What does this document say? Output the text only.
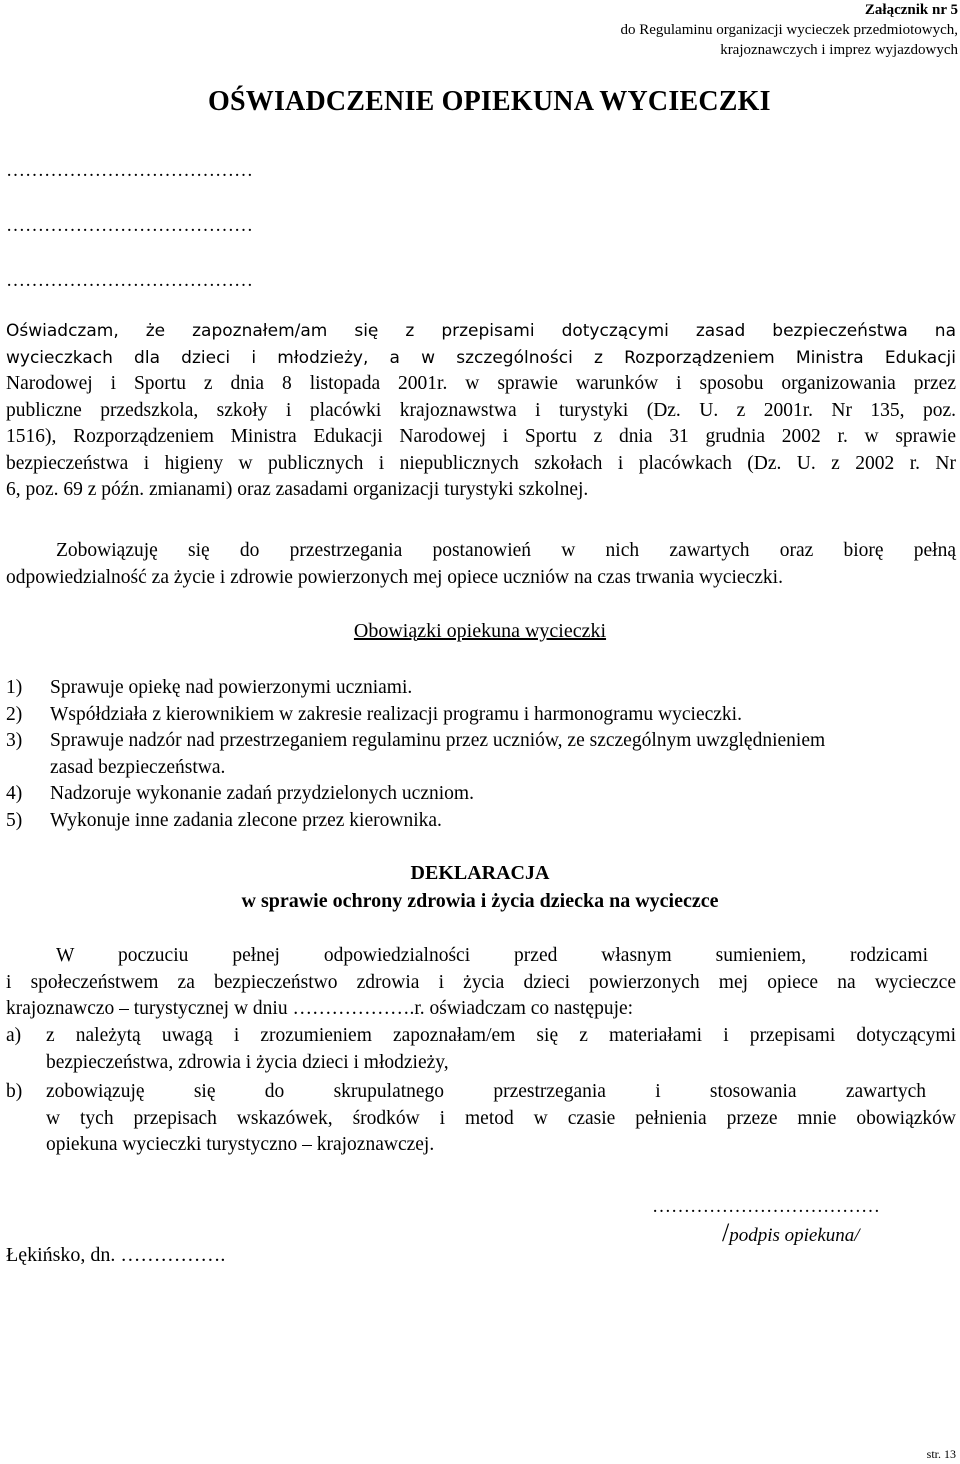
Załącznik nr 5
do Regulaminu organizacji wycieczek przedmiotowych,
krajoznawczych i imprez wyjazdowych
OŚWIADCZENIE OPIEKUNA WYCIECZKI
…………………………………
…………………………………
…………………………………
Oświadczam, że zapoznałem/am się z przepisami dotyczącymi zasad bezpieczeństwa na
wycieczkach dla dzieci i młodzieży, a w szczególności z Rozporządzeniem Ministra Edukacji
Narodowej i Sportu z dnia 8 listopada 2001r. w sprawie warunków i sposobu organizowania przez
publiczne przedszkola, szkoły i placówki krajoznawstwa i turystyki (Dz. U. z 2001r. Nr 135, poz.
1516), Rozporządzeniem Ministra Edukacji Narodowej i Sportu z dnia 31 grudnia 2002 r. w sprawie
bezpieczeństwa i higieny w publicznych i niepublicznych szkołach i placówkach (Dz. U. z 2002 r. Nr
6, poz. 69 z późn. zmianami) oraz zasadami organizacji turystyki szkolnej.
Zobowiązuję się do przestrzegania postanowień w nich zawartych oraz biorę pełną
odpowiedzialność za życie i zdrowie powierzonych mej opiece uczniów na czas trwania wycieczki.
Obowiązki opiekuna wycieczki
1) Sprawuje opiekę nad powierzonymi uczniami.
2) Współdziała z kierownikiem w zakresie realizacji programu i harmonogramu wycieczki.
3) Sprawuje nadzór nad przestrzeganiem regulaminu przez uczniów, ze szczególnym uwzględnieniem zasad bezpieczeństwa.
4) Nadzoruje wykonanie zadań przydzielonych uczniom.
5) Wykonuje inne zadania zlecone przez kierownika.
DEKLARACJA
w sprawie ochrony zdrowia i życia dziecka na wycieczce
W poczuciu pełnej odpowiedzialności przed własnym sumieniem, rodzicami
i społeczeństwem za bezpieczeństwo zdrowia i życia dzieci powierzonych mej opiece na wycieczce
krajoznawczo – turystycznej w dniu ……………….r. oświadczam co następuje:
a) z należytą uwagą i zrozumieniem zapoznałam/em się z materiałami i przepisami dotyczącymi
bezpieczeństwa, zdrowia i życia dzieci i młodzieży,
b) zobowiązuję się do skrupulatnego przestrzegania i stosowania zawartych
w tych przepisach wskazówek, środków i metod w czasie pełnienia przeze mnie obowiązków
opiekuna wycieczki turystyczno – krajoznawczej.
………………………………
/podpis opiekuna/
Łękińsko, dn. …………….
str. 13
